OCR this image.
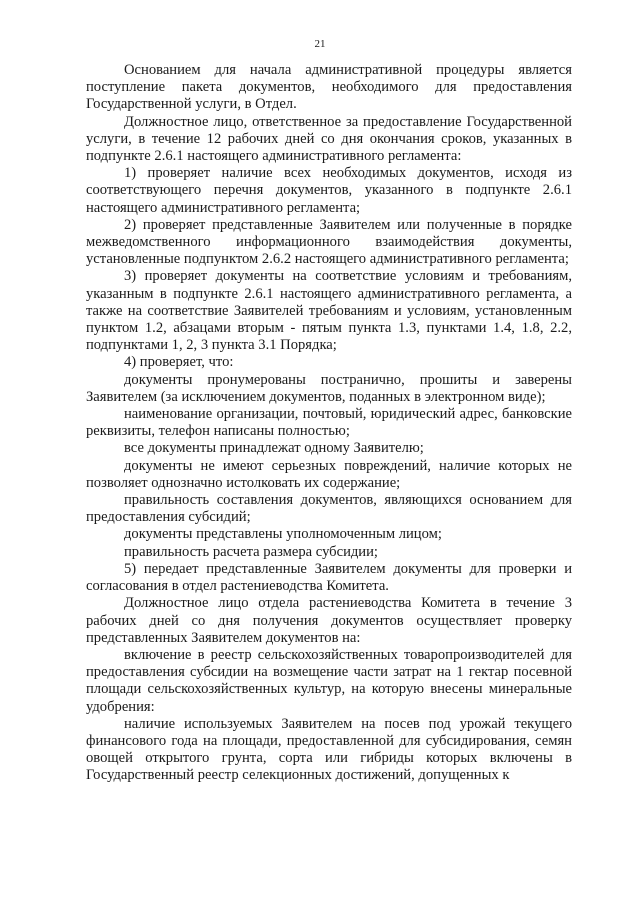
21

Основанием для начала административной процедуры является поступление пакета документов, необходимого для предоставления Государственной услуги, в Отдел.

Должностное лицо, ответственное за предоставление Государственной услуги, в течение 12 рабочих дней со дня окончания сроков, указанных в подпункте 2.6.1 настоящего административного регламента:

1) проверяет наличие всех необходимых документов, исходя из соответствующего перечня документов, указанного в подпункте 2.6.1 настоящего административного регламента;

2) проверяет представленные Заявителем или полученные в порядке межведомственного информационного взаимодействия документы, установленные подпунктом 2.6.2 настоящего административного регламента;

3) проверяет документы на соответствие условиям и требованиям, указанным в подпункте 2.6.1 настоящего административного регламента, а также на соответствие Заявителей требованиям и условиям, установленным пунктом 1.2, абзацами вторым - пятым пункта 1.3, пунктами 1.4, 1.8, 2.2, подпунктами 1, 2, 3 пункта 3.1 Порядка;

4) проверяет, что:

документы пронумерованы постранично, прошиты и заверены Заявителем (за исключением документов, поданных в электронном виде);

наименование организации, почтовый, юридический адрес, банковские реквизиты, телефон написаны полностью;

все документы принадлежат одному Заявителю;

документы не имеют серьезных повреждений, наличие которых не позволяет однозначно истолковать их содержание;

правильность составления документов, являющихся основанием для предоставления субсидий;

документы представлены уполномоченным лицом;

правильность расчета размера субсидии;

5) передает представленные Заявителем документы для проверки и согласования в отдел растениеводства Комитета.

Должностное лицо отдела растениеводства Комитета в течение 3 рабочих дней со дня получения документов осуществляет проверку представленных Заявителем документов на:

включение в реестр сельскохозяйственных товаропроизводителей для предоставления субсидии на возмещение части затрат на 1 гектар посевной площади сельскохозяйственных культур, на которую внесены минеральные удобрения:

наличие используемых Заявителем на посев под урожай текущего финансового года на площади, предоставленной для субсидирования, семян овощей открытого грунта, сорта или гибриды которых включены в Государственный реестр селекционных достижений, допущенных к
